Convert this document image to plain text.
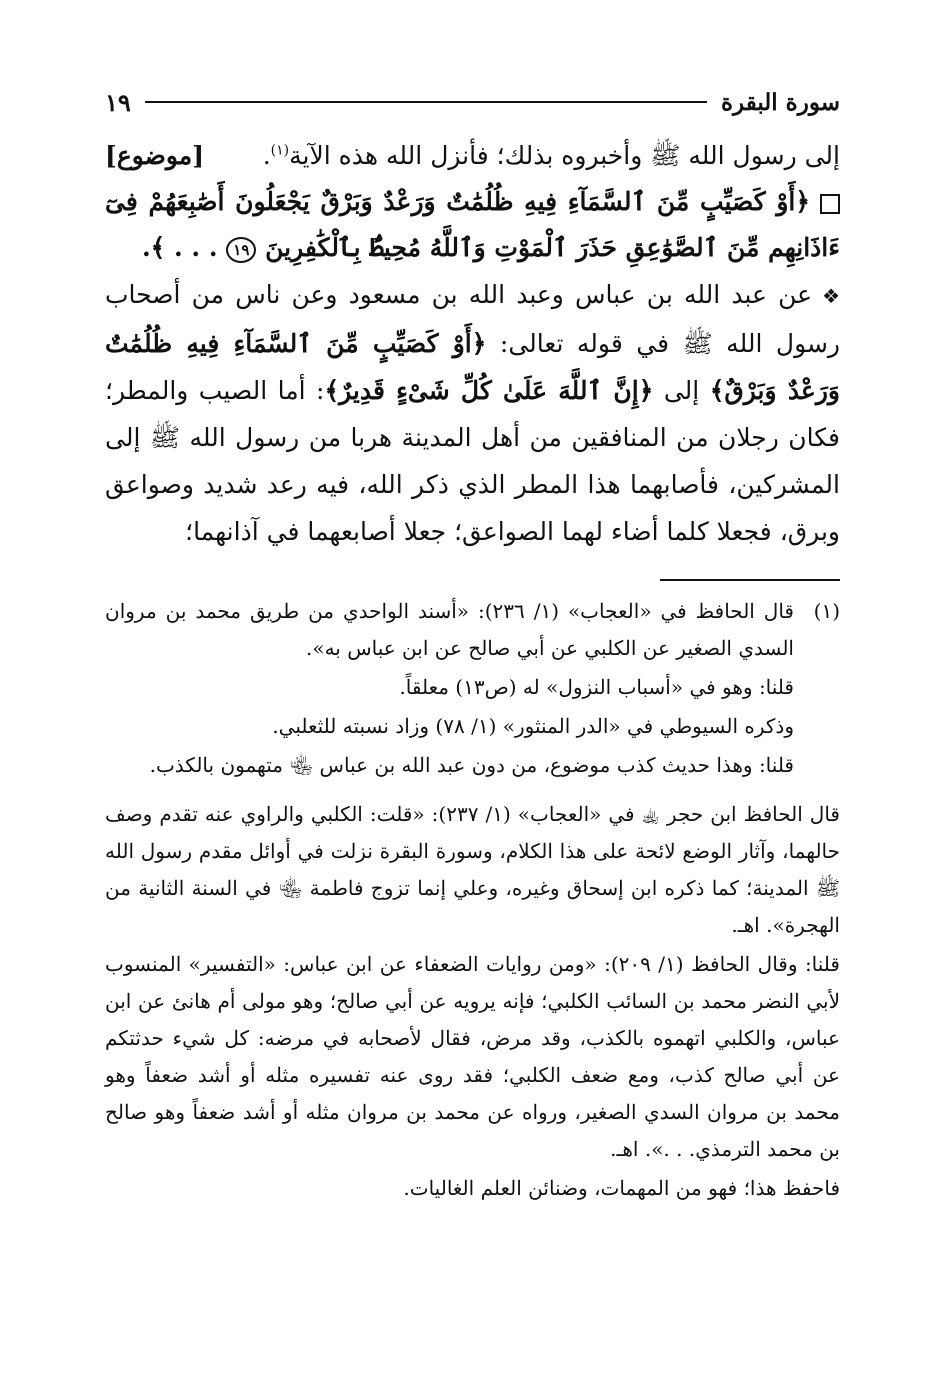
سورة البقرة
١٩

إلى رسول الله ﷺ وأخبروه بذلك؛ فأنزل الله هذه الآية$^{(١)}$.
[موضوع]

﴿أَوْ كَصَيِّبٍ مِّنَ ٱلسَّمَآءِ فِيهِ ظُلُمَٰتٌ وَرَعْدٌ وَبَرْقٌ يَجْعَلُونَ أَصَٰبِعَهُمْ فِىٓ ءَاذَانِهِم مِّنَ ٱلصَّوَٰعِقِ حَذَرَ ٱلْمَوْتِ وَٱللَّهُ مُحِيطٌۢ بِٱلْكَٰفِرِينَ ١٩ . . . ﴾.

❖عن عبد الله بن عباس وعبد الله بن مسعود وعن ناس من أصحاب رسول الله ﷺ في قوله تعالى: ﴿أَوْ كَصَيِّبٍ مِّنَ ٱلسَّمَآءِ فِيهِ ظُلُمَٰتٌ وَرَعْدٌ وَبَرْقٌ﴾ إلى ﴿إِنَّ ٱللَّهَ عَلَىٰ كُلِّ شَىْءٍ قَدِيرٌ﴾: أما الصيب والمطر؛ فكان رجلان من المنافقين من أهل المدينة هربا من رسول الله ﷺ إلى المشركين، فأصابهما هذا المطر الذي ذكر الله، فيه رعد شديد وصواعق وبرق، فجعلا كلما أضاء لهما الصواعق؛ جعلا أصابعهما في آذانهما؛

(١)

قال الحافظ في «العجاب» (١/ ٢٣٦): «أسند الواحدي من طريق محمد بن مروان السدي الصغير عن الكلبي عن أبي صالح عن ابن عباس به».

قلنا: وهو في «أسباب النزول» له (ص١٣) معلقاً.

وذكره السيوطي في «الدر المنثور» (١/ ٧٨) وزاد نسبته للثعلبي.

قلنا: وهذا حديث كذب موضوع، من دون عبد الله بن عباس ﵄ متهمون بالكذب.

قال الحافظ ابن حجر ﵀ في «العجاب» (١/ ٢٣٧): «قلت: الكلبي والراوي عنه تقدم وصف حالهما، وآثار الوضع لائحة على هذا الكلام، وسورة البقرة نزلت في أوائل مقدم رسول الله ﷺ المدينة؛ كما ذكره ابن إسحاق وغيره، وعلي إنما تزوج فاطمة ﵄ في السنة الثانية من الهجرة». اهـ.

قلنا: وقال الحافظ (١/ ٢٠٩): «ومن روايات الضعفاء عن ابن عباس: «التفسير» المنسوب لأبي النضر محمد بن السائب الكلبي؛ فإنه يرويه عن أبي صالح؛ وهو مولى أم هانئ عن ابن عباس، والكلبي اتهموه بالكذب، وقد مرض، فقال لأصحابه في مرضه: كل شيء حدثتكم عن أبي صالح كذب، ومع ضعف الكلبي؛ فقد روى عنه تفسيره مثله أو أشد ضعفاً وهو محمد بن مروان السدي الصغير، ورواه عن محمد بن مروان مثله أو أشد ضعفاً وهو صالح بن محمد الترمذي. . .». اهـ.

فاحفظ هذا؛ فهو من المهمات، وضنائن العلم الغاليات.
